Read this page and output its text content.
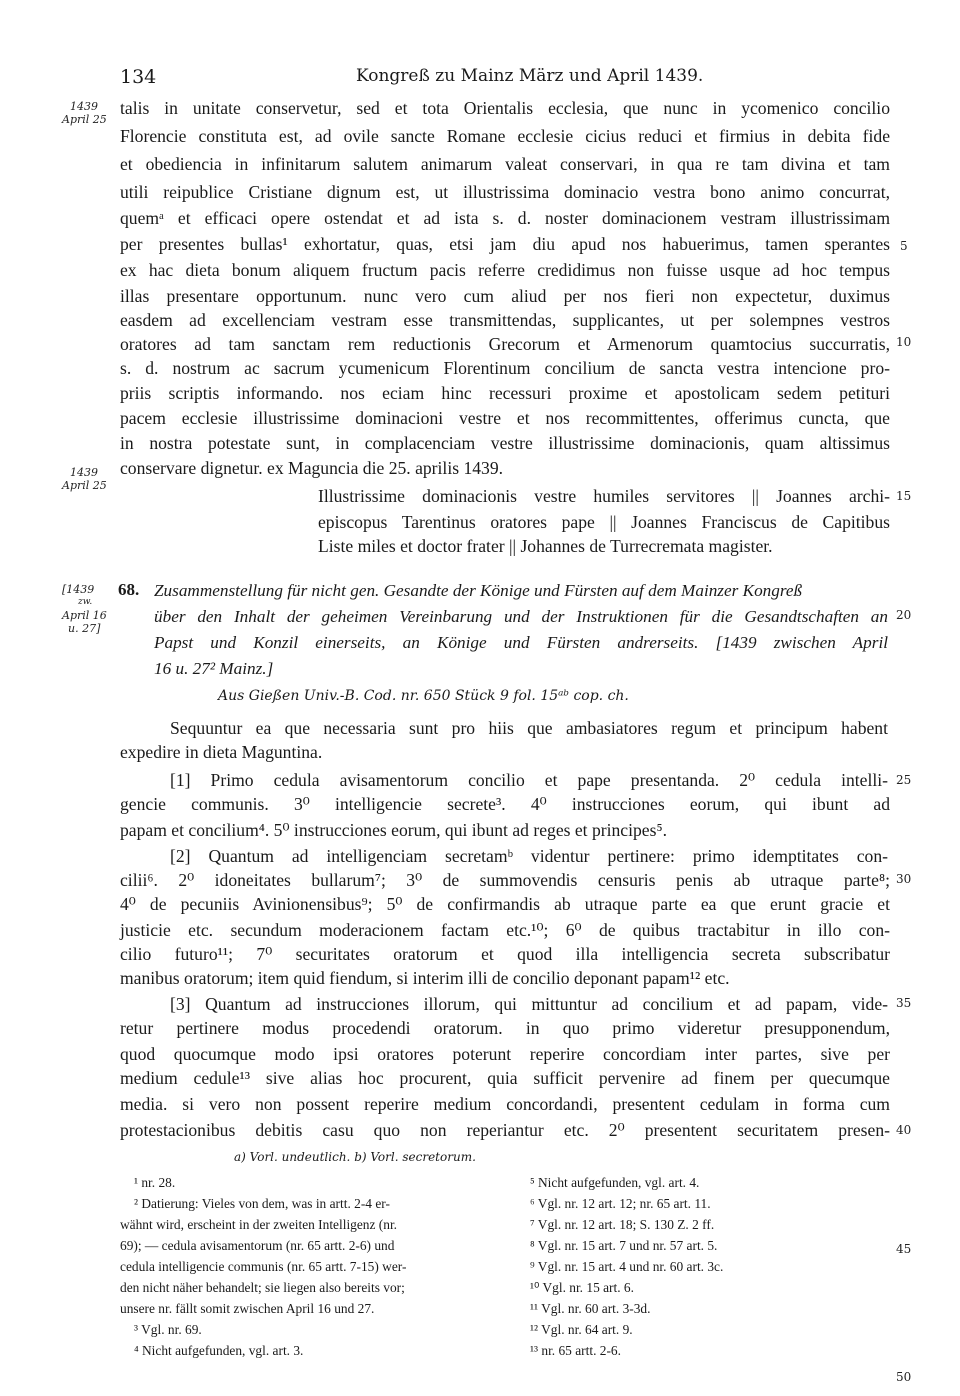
134	Kongreß zu Mainz März und April 1439.
1439
April 25
1439
April 25
[1439
zw.
April 16
u. 27]
5
10
15
20
25
30
35
40
45
50
talis in unitate conservetur, sed et tota Orientalis ecclesia, que nunc in ycomenico concilio
Florencie constituta est, ad ovile sancte Romane ecclesie cicius reduci et firmius in debita fide
et obediencia in infinitarum salutem animarum valeat conservari, in qua re tam divina et tam
utili reipublice Cristiane dignum est, ut illustrissima dominacio vestra bono animo concurrat,
quemᵃ et efficaci opere ostendat et ad ista s. d. noster dominacionem vestram illustrissimam
per presentes bullas¹ exhortatur, quas, etsi jam diu apud nos habuerimus, tamen sperantes
ex hac dieta bonum aliquem fructum pacis referre credidimus non fuisse usque ad hoc tempus
illas presentare opportunum. nunc vero cum aliud per nos fieri non expectetur, duximus
easdem ad excellenciam vestram esse transmittendas, supplicantes, ut per solempnes vestros
oratores ad tam sanctam rem reductionis Grecorum et Armenorum quamtocius succurratis,
s. d. nostrum ac sacrum ycumenicum Florentinum concilium de sancta vestra intencione pro-
priis scriptis informando. nos eciam hinc recessuri proxime et apostolicam sedem petituri
pacem ecclesie illustrissime dominacioni vestre et nos recommittentes, offerimus cuncta, que
in nostra potestate sunt, in complacenciam vestre illustrissime dominacionis, quam altissimus
conservare dignetur. ex Maguncia die 25. aprilis 1439.
Illustrissime dominacionis vestre humiles servitores || Joannes archi-
episcopus Tarentinus oratores pape || Joannes Franciscus de Capitibus
Liste miles et doctor frater || Johannes de Turrecremata magister.
68. Zusammenstellung für nicht gen. Gesandte der Könige und Fürsten auf dem Mainzer Kongreß
über den Inhalt der geheimen Vereinbarung und der Instruktionen für die Gesandtschaften an
Papst und Konzil einerseits, an Könige und Fürsten andrerseits. [1439 zwischen April
16 u. 27² Mainz.]
Aus Gießen Univ.-B. Cod. nr. 650 Stück 9 fol. 15ᵃᵇ cop. ch.
Sequuntur ea que necessaria sunt pro hiis que ambasiatores regum et principum habent
expedire in dieta Maguntina.
[1] Primo cedula avisamentorum concilio et pape presentanda. 2⁰ cedula intelli-
gencie communis. 3⁰ intelligencie secrete³. 4⁰ instrucciones eorum, qui ibunt ad
papam et concilium⁴. 5⁰ instrucciones eorum, qui ibunt ad reges et principes⁵.
[2] Quantum ad intelligenciam secretamᵇ videntur pertinere: primo idemptitates con-
cilii⁶. 2⁰ idoneitates bullarum⁷; 3⁰ de summovendis censuris penis ab utraque parte⁸;
4⁰ de pecuniis Avinionensibus⁹; 5⁰ de confirmandis ab utraque parte ea que erunt gracie et
justicie etc. secundum moderacionem factam etc.¹⁰; 6⁰ de quibus tractabitur in illo con-
cilio futuro¹¹; 7⁰ securitates oratorum et quod illa intelligencia secreta subscribatur
manibus oratorum; item quid fiendum, si interim illi de concilio deponant papam¹² etc.
[3] Quantum ad instrucciones illorum, qui mittuntur ad concilium et ad papam, vide-
retur pertinere modus procedendi oratorum. in quo primo videretur presupponendum,
quod quocumque modo ipsi oratores poterunt reperire concordiam inter partes, sive per
medium cedule¹³ sive alias hoc procurent, quia sufficit pervenire ad finem per quecumque
media. si vero non possent reperire medium concordandi, presentent cedulam in forma cum
protestacionibus debitis casu quo non reperiantur etc. 2⁰ presentent securitatem presen-
a) Vorl. undeutlich. b) Vorl. secretorum.
¹ nr. 28.
² Datierung: Vieles von dem, was in artt. 2-4 er-
wähnt wird, erscheint in der zweiten Intelligenz (nr.
69); — cedula avisamentorum (nr. 65 artt. 2-6) und
cedula intelligencie communis (nr. 65 artt. 7-15) wer-
den nicht näher behandelt; sie liegen also bereits vor;
unsere nr. fällt somit zwischen April 16 und 27.
³ Vgl. nr. 69.
⁴ Nicht aufgefunden, vgl. art. 3.
⁵ Nicht aufgefunden, vgl. art. 4.
⁶ Vgl. nr. 12 art. 12; nr. 65 art. 11.
⁷ Vgl. nr. 12 art. 18; S. 130 Z. 2 ff.
⁸ Vgl. nr. 15 art. 7 und nr. 57 art. 5.
⁹ Vgl. nr. 15 art. 4 und nr. 60 art. 3c.
¹⁰ Vgl. nr. 15 art. 6.
¹¹ Vgl. nr. 60 art. 3-3d.
¹² Vgl. nr. 64 art. 9.
¹³ nr. 65 artt. 2-6.
